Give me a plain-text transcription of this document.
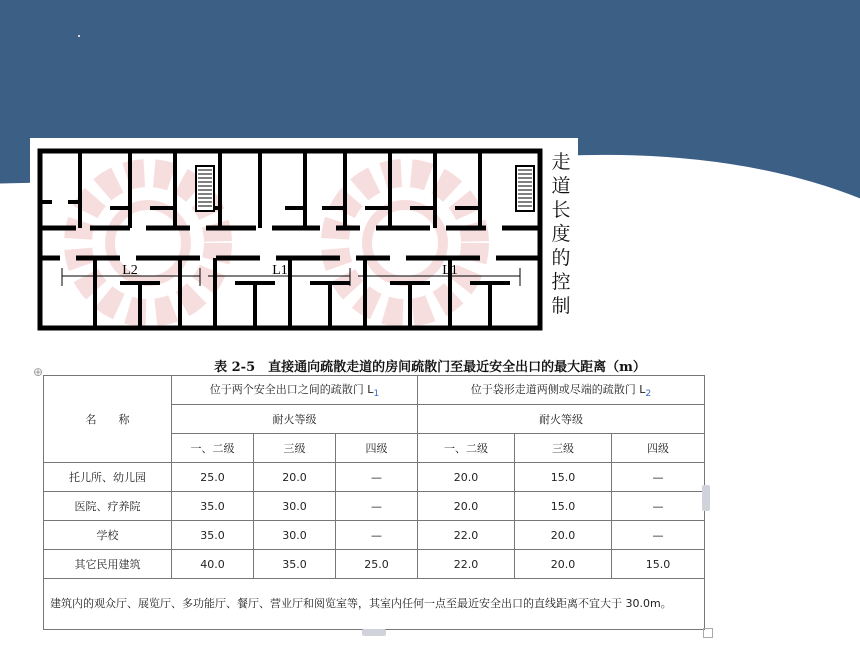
L2	L1	L1
走
道
长
度
的
控
制
⊕	表 2-5　直接通向疏散走道的房间疏散门至最近安全出口的最大距离（m）
名　　称	位于两个安全出口之间的疏散门 $L_1$			位于袋形走道两侧或尽端的疏散门 $L_2$
	耐火等级			耐火等级		
	一、二级	三级	四级	一、二级	三级	四级
托儿所、幼儿园	25.0	20.0	—	20.0	15.0	—
医院、疗养院	35.0	30.0	—	20.0	15.0	—
学校	35.0	30.0	—	22.0	20.0	—
其它民用建筑	40.0	35.0	25.0	22.0	20.0	15.0
建筑内的观众厅、展览厅、多功能厅、餐厅、营业厅和阅览室等，其室内任何一点至最近安全出口的直线距离不宜大于 30.0m。						
